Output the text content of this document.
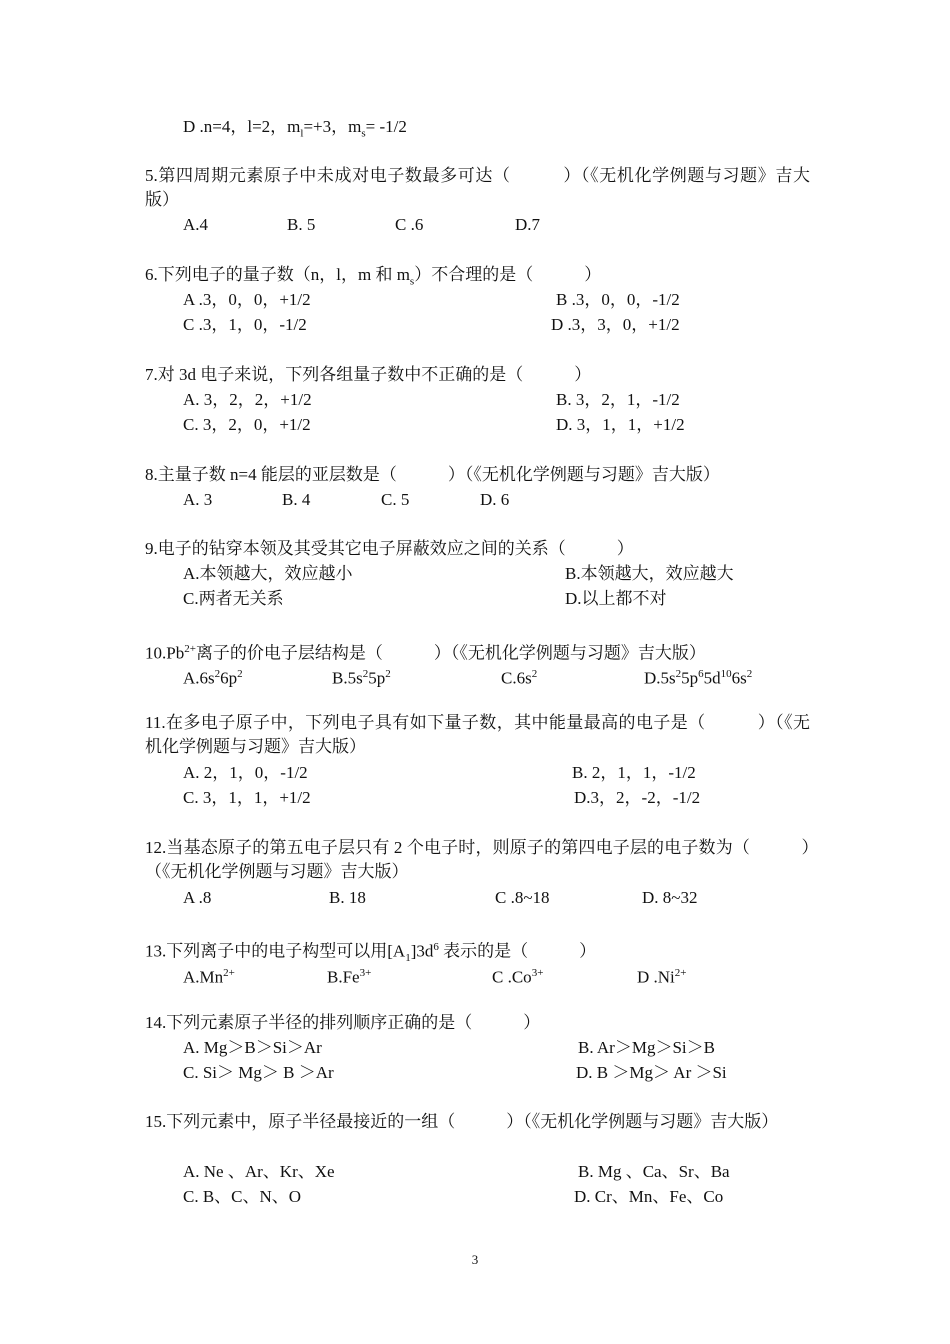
D .n=4，l=2，$m_l=+3$，$m_s= -1/2$
5.第四周期元素原子中未成对电子数最多可达（　　　）（《无机化学例题与习题》吉大版）
A.4	B. 5	C .6	D.7
6.下列电子的量子数（n，l，m 和 $m_s$）不合理的是（　　　）
A .3，0，0，+1/2	B .3，0，0，-1/2
C .3，1，0，-1/2	D .3，3，0，+1/2
7.对 3d 电子来说，下列各组量子数中不正确的是（　　　）
A. 3，2，2，+1/2	B. 3，2，1，-1/2
C. 3，2，0，+1/2	D. 3，1，1，+1/2
8.主量子数 n=4 能层的亚层数是（　　　）（《无机化学例题与习题》吉大版）
A. 3	B. 4	C. 5	D. 6
9.电子的钻穿本领及其受其它电子屏蔽效应之间的关系（　　　）
A.本领越大，效应越小	B.本领越大，效应越大
C.两者无关系	D.以上都不对
$10.Pb^{2+}$离子的价电子层结构是（　　　）（《无机化学例题与习题》吉大版）
$A.6s^26p^2$	$B.5s^25p^2$	$C.6s^2$	$D.5s^25p^65d^{10}6s^2$
11.在多电子原子中，下列电子具有如下量子数，其中能量最高的电子是（　　　）（《无机化学例题与习题》吉大版）
A. 2，1，0，-1/2	B. 2，1，1，-1/2
C. 3，1，1，+1/2	D.3，2，-2，-1/2
12.当基态原子的第五电子层只有 2 个电子时，则原子的第四电子层的电子数为（　　　）（《无机化学例题与习题》吉大版）
A .8	B. 18	C .8~18	D. 8~32
13.下列离子中的电子构型可以用$[A_1]3d^6$ 表示的是（　　　）
$A.Mn^{2+}$	$B.Fe^{3+}$	C $.Co^{3+}$	D $.Ni^{2+}$
14.下列元素原子半径的排列顺序正确的是（　　　）
A. Mg＞B＞Si＞Ar	B. Ar＞Mg＞Si＞B
C. Si＞ Mg＞ B ＞Ar	D. B ＞Mg＞ Ar ＞Si
15.下列元素中，原子半径最接近的一组（　　　）（《无机化学例题与习题》吉大版）
A. Ne 、Ar、Kr、Xe	B. Mg 、Ca、Sr、Ba
C. B、C、N、O	D. Cr、Mn、Fe、Co
3
